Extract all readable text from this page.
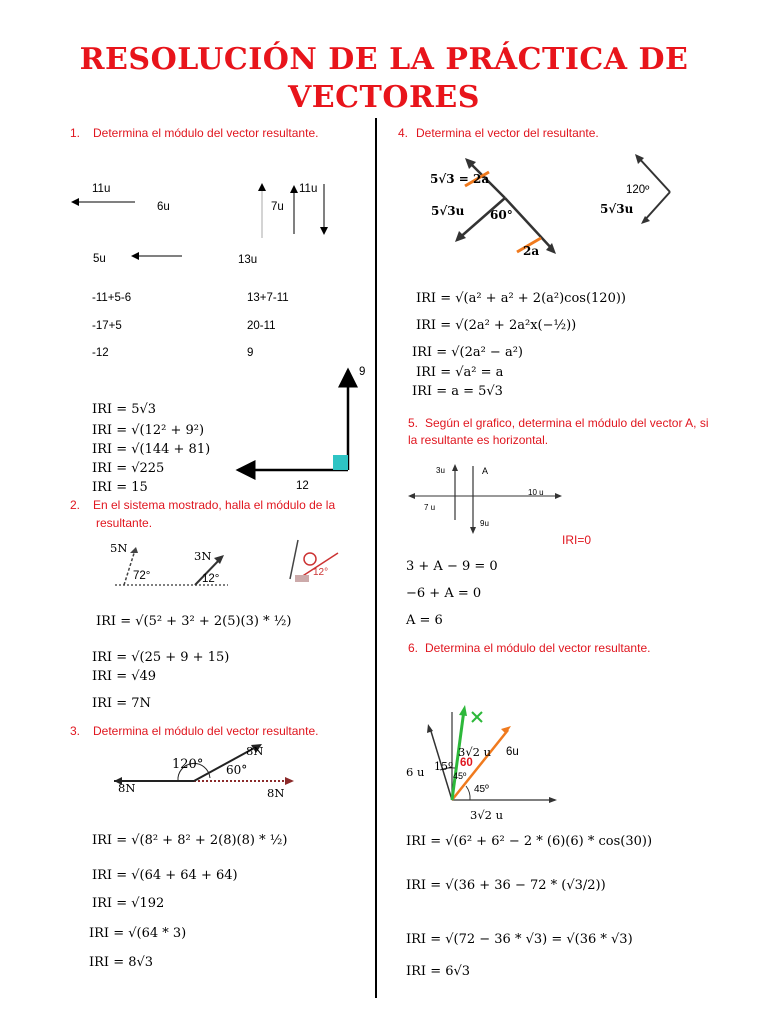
RESOLUCIÓN DE LA PRÁCTICA DE
VECTORES
1. Determina el módulo del vector resultante.
11u
6u
11u
7u
5u	13u
9
12
-11+5-6
-17+5
-12
13+7-11
20-11
9
IRI = 5√3
IRI = √(12² + 9²)
IRI = √(144 + 81)
IRI = √225
IRI = 15
2. En el sistema mostrado, halla el módulo de la
resultante.
5N
72°
3N
12°
12°
IRI = √(5² + 3² + 2(5)(3) * ½)
IRI = √(25 + 9 + 15)
IRI = √49
IRI = 7N
3. Determina el módulo del vector resultante.
120° 60°
8N
8N
8N
IRI = √(8² + 8² + 2(8)(8) * ½)
IRI = √(64 + 64 + 64)
IRI = √192
IRI = √(64 * 3)
IRI = 8√3
4. Determina el vector del resultante.
5√3 = 2a
5√3u 60°
2a
120º
5√3u
IRI = √(a² + a² + 2(a²)cos(120))
IRI = √(2a² + 2a²x(−½))
IRI = √(2a² − a²)
IRI = √a² = a
IRI = a = 5√3
5. Según el grafico, determina el módulo del vector A, si
la resultante es horizontal.
3u	A
10 u
7 u
9u
IRI=0
3 + A − 9 = 0
−6 + A = 0
A = 6
6. Determina el módulo del vector resultante.
3√2 u 6u
6 u 15º 60
45º
45º
3√2 u
IRI = √(6² + 6² − 2 * (6)(6) * cos(30))
IRI = √(36 + 36 − 72 * (√3/2))
IRI = √(72 − 36 * √3) = √(36 * √3)
IRI = 6√3
